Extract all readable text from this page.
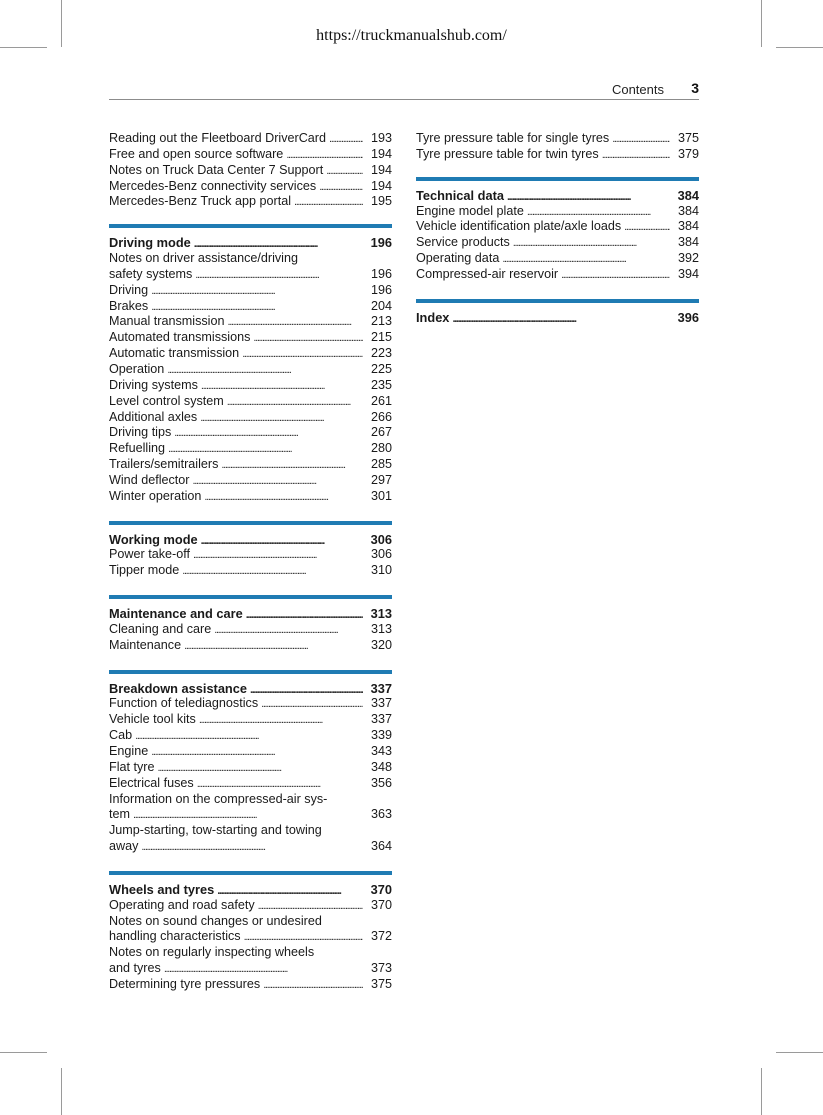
https://truckmanualshub.com/
Contents 3
Reading out the Fleetboard DriverCard . . .	193
Free and open source software . . .	194
Notes on Truck Data Center 7 Support . . .	194
Mercedes-Benz connectivity services . . .	194
Mercedes-Benz Truck app portal . . .	195
Driving mode . . .	196
Notes on driver assistance/driving
safety systems . . .	196
Driving . . .	196
Brakes . . .	204
Manual transmission . . .	213
Automated transmissions . . .	215
Automatic transmission . . .	223
Operation . . .	225
Driving systems . . .	235
Level control system . . .	261
Additional axles . . .	266
Driving tips . . .	267
Refuelling . . .	280
Trailers/semitrailers . . .	285
Wind deflector . . .	297
Winter operation . . .	301
Working mode . . .	306
Power take-off . . .	306
Tipper mode . . .	310
Maintenance and care . . .	313
Cleaning and care . . .	313
Maintenance . . .	320
Breakdown assistance . . .	337
Function of telediagnostics . . .	337
Vehicle tool kits . . .	337
Cab . . .	339
Engine . . .	343
Flat tyre . . .	348
Electrical fuses . . .	356
Information on the compressed-air sys-
tem . . .	363
Jump-starting, tow-starting and towing
away . . .	364
Wheels and tyres . . .	370
Operating and road safety . . .	370
Notes on sound changes or undesired
handling characteristics . . .	372
Notes on regularly inspecting wheels
and tyres . . .	373
Determining tyre pressures . . .	375
Tyre pressure table for single tyres . . .	375
Tyre pressure table for twin tyres . . .	379
Technical data . . .	384
Engine model plate . . .	384
Vehicle identification plate/axle loads . . .	384
Service products . . .	384
Operating data . . .	392
Compressed-air reservoir . . .	394
Index . . .	396
